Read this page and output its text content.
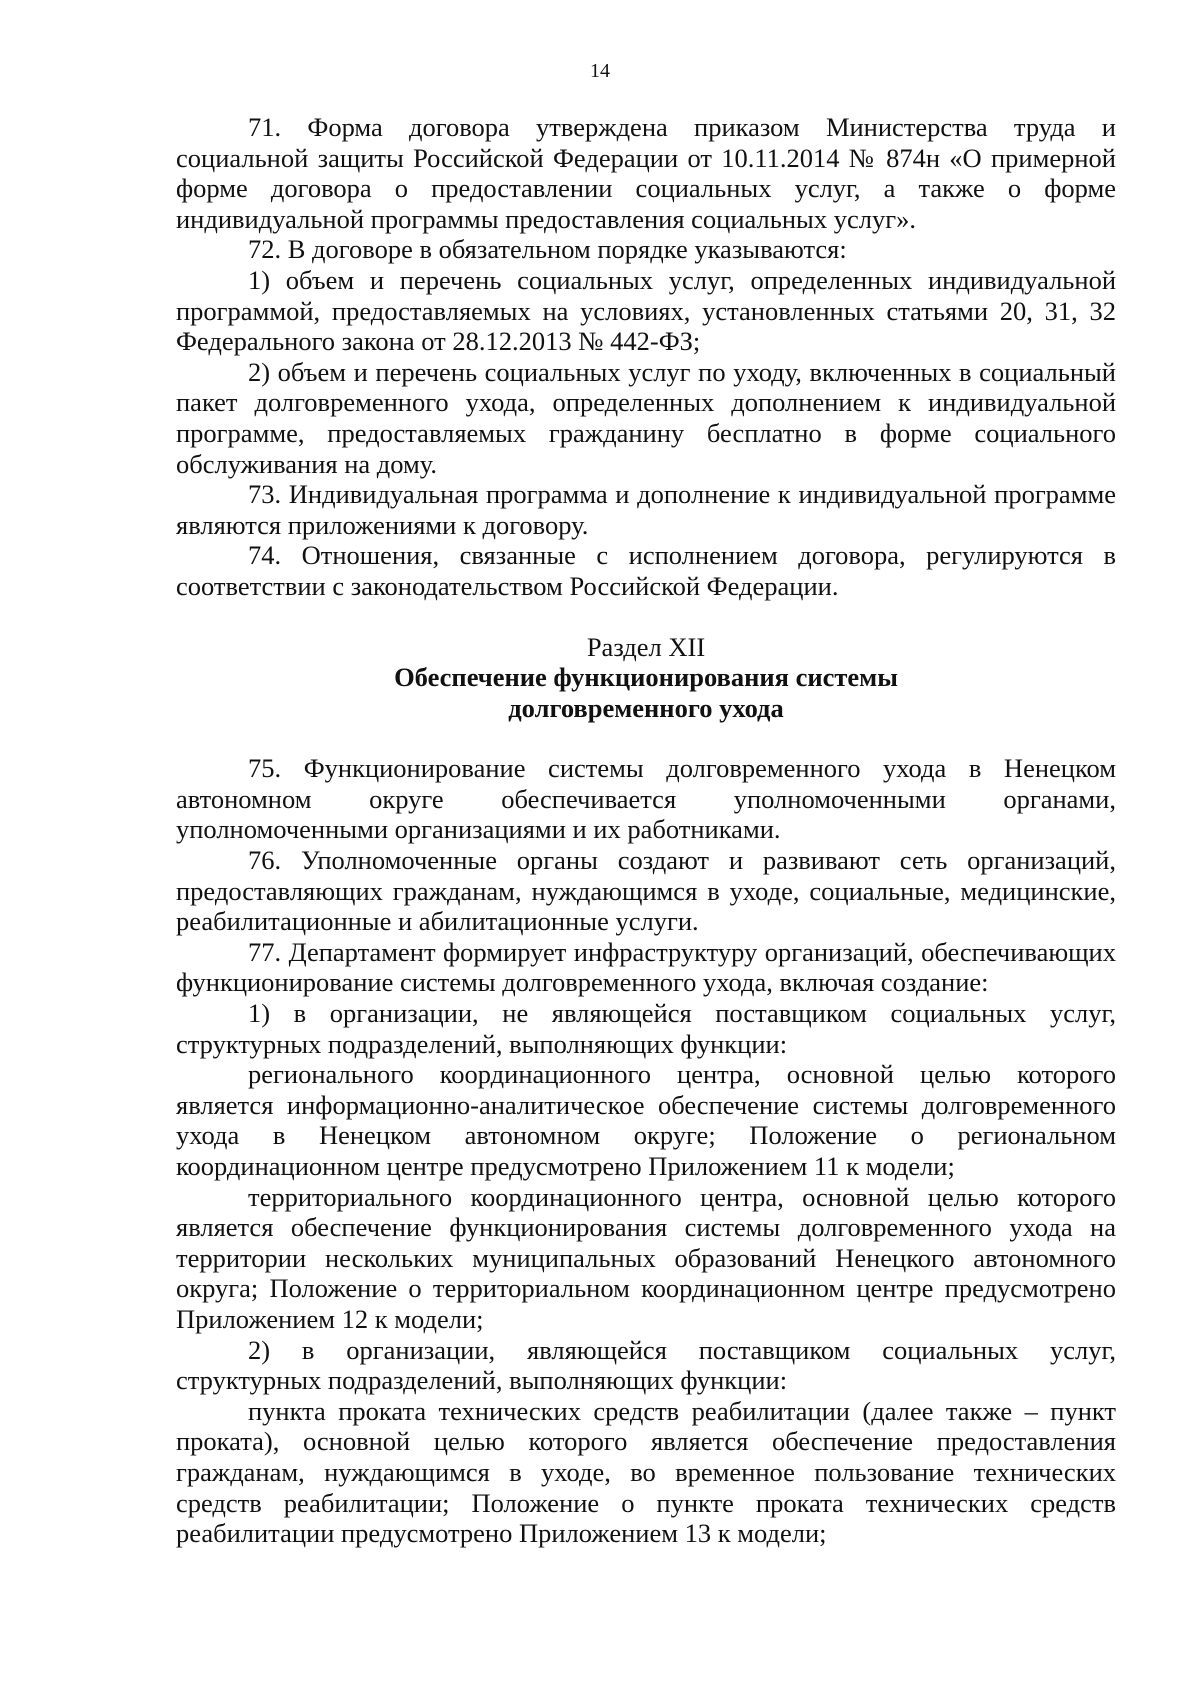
14

71. Форма договора утверждена приказом Министерства труда и социальной защиты Российской Федерации от 10.11.2014 № 874н «О примерной форме договора о предоставлении социальных услуг, а также о форме индивидуальной программы предоставления социальных услуг».

72. В договоре в обязательном порядке указываются:

1) объем и перечень социальных услуг, определенных индивидуальной программой, предоставляемых на условиях, установленных статьями 20, 31, 32 Федерального закона от 28.12.2013 № 442-ФЗ;

2) объем и перечень социальных услуг по уходу, включенных в социальный пакет долговременного ухода, определенных дополнением к индивидуальной программе, предоставляемых гражданину бесплатно в форме социального обслуживания на дому.

73. Индивидуальная программа и дополнение к индивидуальной программе являются приложениями к договору.

74. Отношения, связанные с исполнением договора, регулируются в соответствии с законодательством Российской Федерации.

Раздел XII
Обеспечение функционирования системы
долговременного ухода

75. Функционирование системы долговременного ухода в Ненецком автономном округе обеспечивается уполномоченными органами, уполномоченными организациями и их работниками.

76. Уполномоченные органы создают и развивают сеть организаций, предоставляющих гражданам, нуждающимся в уходе, социальные, медицинские, реабилитационные и абилитационные услуги.

77. Департамент формирует инфраструктуру организаций, обеспечивающих функционирование системы долговременного ухода, включая создание:

1) в организации, не являющейся поставщиком социальных услуг, структурных подразделений, выполняющих функции:

регионального координационного центра, основной целью которого является информационно-аналитическое обеспечение системы долговременного ухода в Ненецком автономном округе; Положение о региональном координационном центре предусмотрено Приложением 11 к модели;

территориального координационного центра, основной целью которого является обеспечение функционирования системы долговременного ухода на территории нескольких муниципальных образований Ненецкого автономного округа; Положение о территориальном координационном центре предусмотрено Приложением 12 к модели;

2) в организации, являющейся поставщиком социальных услуг, структурных подразделений, выполняющих функции:

пункта проката технических средств реабилитации (далее также – пункт проката), основной целью которого является обеспечение предоставления гражданам, нуждающимся в уходе, во временное пользование технических средств реабилитации; Положение о пункте проката технических средств реабилитации предусмотрено Приложением 13 к модели;
